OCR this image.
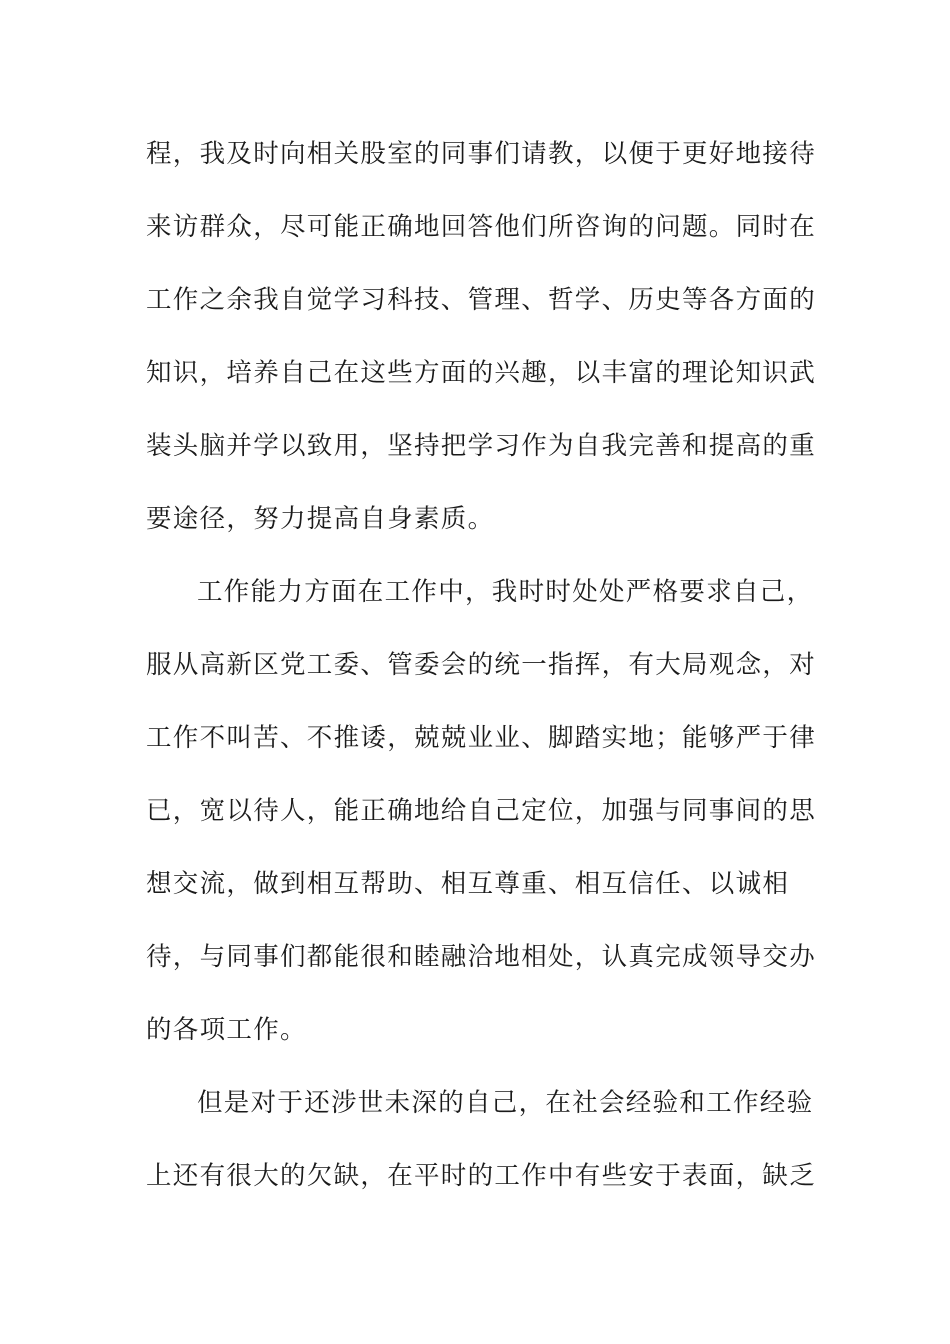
程，我及时向相关股室的同事们请教，以便于更好地接待
来访群众，尽可能正确地回答他们所咨询的问题。同时在
工作之余我自觉学习科技、管理、哲学、历史等各方面的
知识，培养自己在这些方面的兴趣，以丰富的理论知识武
装头脑并学以致用，坚持把学习作为自我完善和提高的重
要途径，努力提高自身素质。
工作能力方面在工作中，我时时处处严格要求自己，
服从高新区党工委、管委会的统一指挥，有大局观念，对
工作不叫苦、不推诿，兢兢业业、脚踏实地；能够严于律
已，宽以待人，能正确地给自己定位，加强与同事间的思
想交流，做到相互帮助、相互尊重、相互信任、以诚相
待，与同事们都能很和睦融洽地相处，认真完成领导交办
的各项工作。
但是对于还涉世未深的自己，在社会经验和工作经验
上还有很大的欠缺，在平时的工作中有些安于表面，缺乏
